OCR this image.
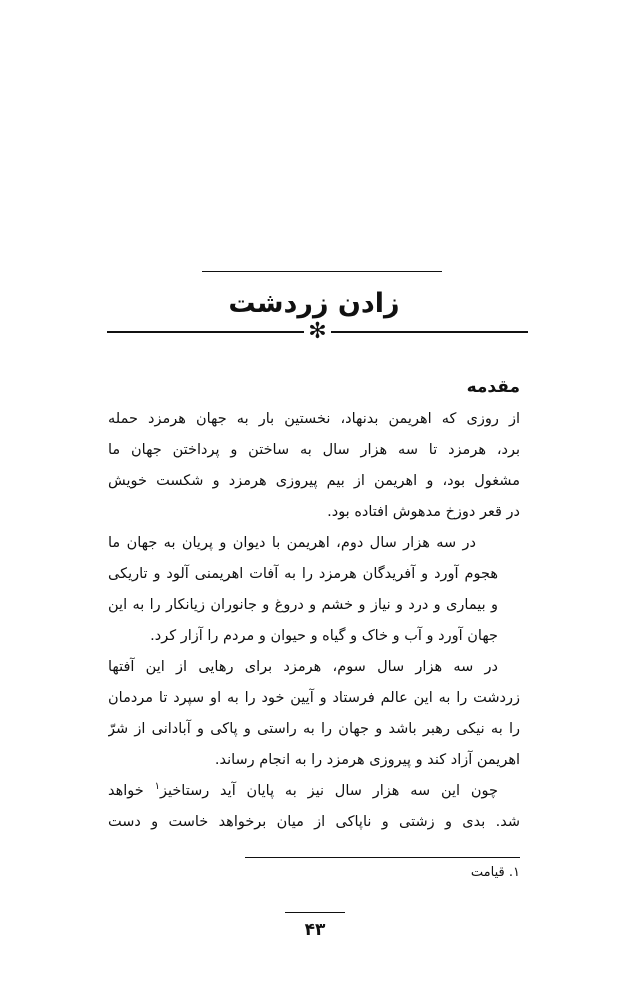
زادن زردشت
✻
مقدمه

از روزی که اهریمن بدنهاد، نخستین بار به جهان هرمزد حمله
برد، هرمزد تا سه هزار سال به ساختن و پرداختن جهان ما
مشغول بود، و اهریمن از بیم پیروزی هرمزد و شکست خویش
در قعر دوزخ مدهوش افتاده بود.

در سه هزار سال دوم، اهریمن با دیوان و پریان به جهان ما
هجوم آورد و آفریدگان هرمزد را به آفات اهریمنی آلود و تاریکی
و بیماری و درد و نیاز و خشم و دروغ و جانوران زیانکار را به این
جهان آورد و آب و خاک و گیاه و حیوان و مردم را آزار کرد.

در سه هزار سال سوم، هرمزد برای رهایی از این آفتها
زردشت را به این عالم فرستاد و آیین خود را به او سپرد تا مردمان
را به نیکی رهبر باشد و جهان را به راستی و پاکی و آبادانی از شرّ
اهریمن آزاد کند و پیروزی هرمزد را به انجام رساند.

چون این سه هزار سال نیز به پایان آید رستاخیز$^۱$ خواهد
شد. بدی و زشتی و ناپاکی از میان برخواهد خاست و دست

۱. قیامت
۴۳
